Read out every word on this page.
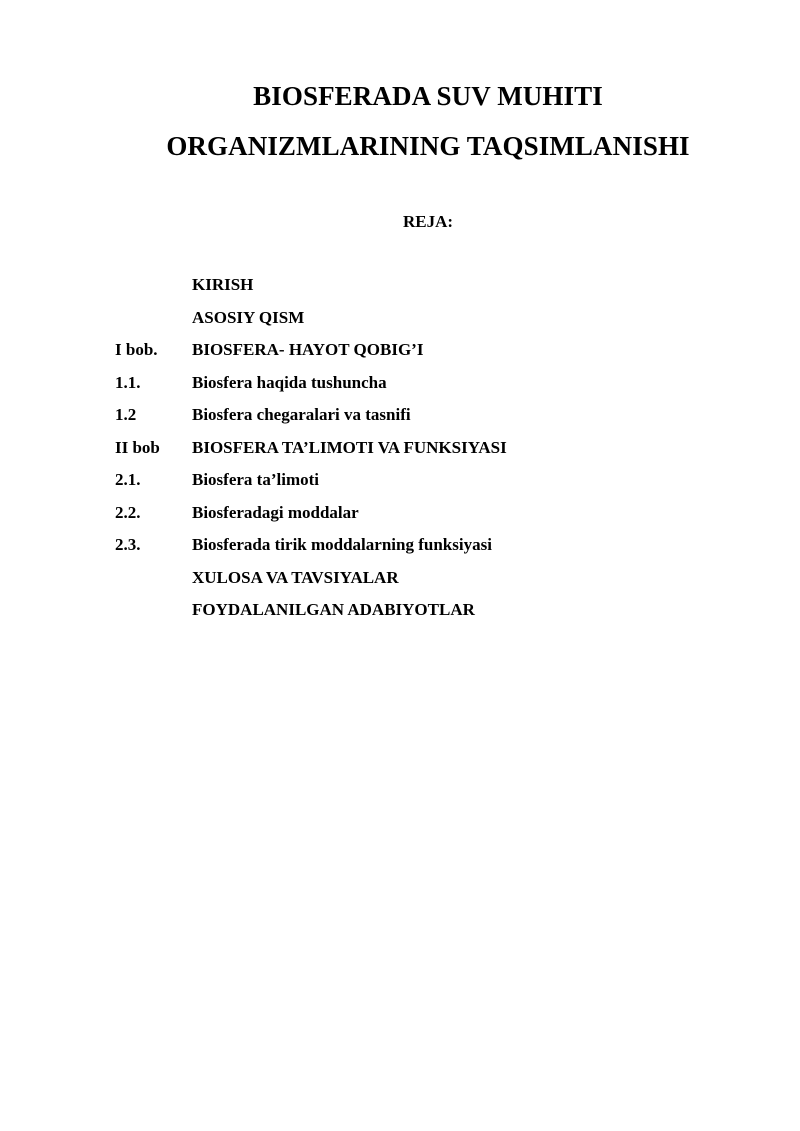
BIOSFERADA SUV MUHITI
ORGANIZMLARINING TAQSIMLANISHI
REJA:
KIRISH
ASOSIY QISM
I bob. BIOSFERA- HAYOT QOBIG’I
1.1.	Biosfera haqida tushuncha
1.2	Biosfera chegaralari va tasnifi
II bob BIOSFERA TA’LIMOTI VA FUNKSIYASI
2.1.	Biosfera ta’limoti
2.2.	Biosferadagi moddalar
2.3.	Biosferada tirik moddalarning funksiyasi
XULOSA VA TAVSIYALAR
FOYDALANILGAN ADABIYOTLAR
